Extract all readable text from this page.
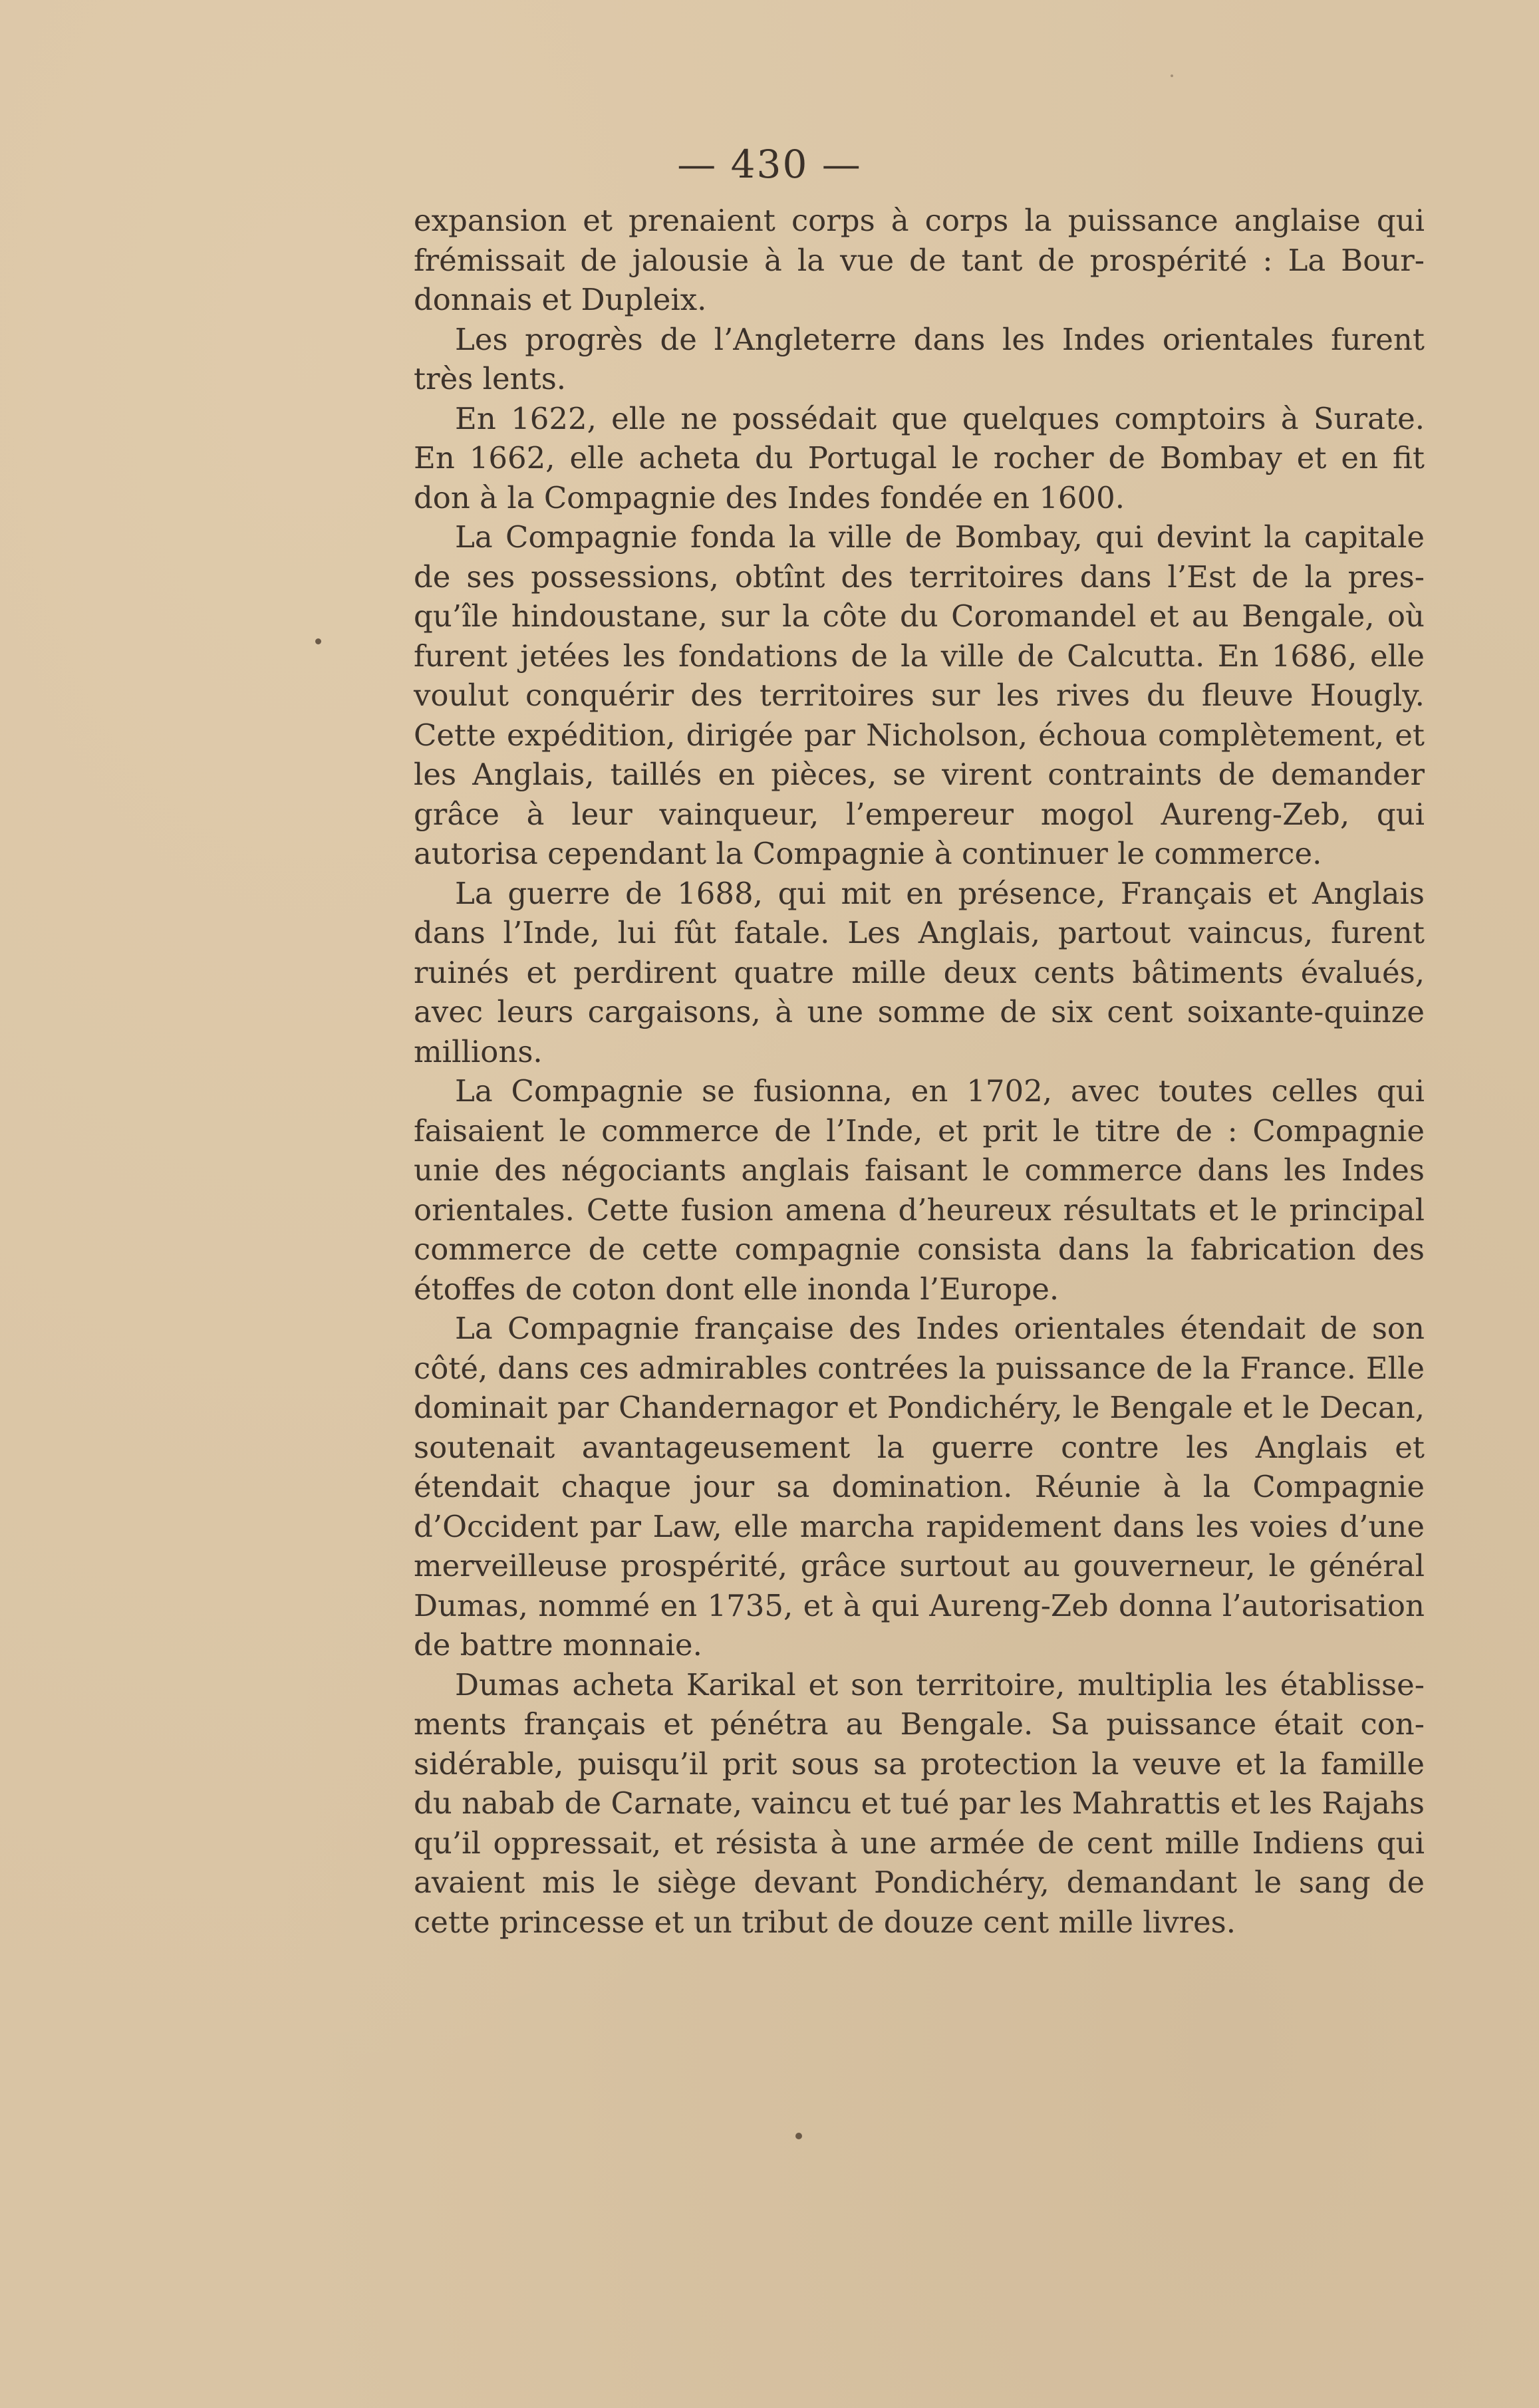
— 430 —

expansion et prenaient corps à corps la puissance anglaise qui frémissait de jalousie à la vue de tant de prospérité : La Bourdonnais et Dupleix.

Les progrès de l’Angleterre dans les Indes orientales furent très lents.

En 1622, elle ne possédait que quelques comptoirs à Surate. En 1662, elle acheta du Portugal le rocher de Bombay et en fit don à la Compagnie des Indes fondée en 1600.

La Compagnie fonda la ville de Bombay, qui devint la capitale de ses possessions, obtînt des territoires dans l’Est de la presqu’île hindoustane, sur la côte du Coromandel et au Bengale, où furent jetées les fondations de la ville de Calcutta. En 1686, elle voulut conquérir des territoires sur les rives du fleuve Hougly. Cette expédition, dirigée par Nicholson, échoua complètement, et les Anglais, taillés en pièces, se virent contraints de demander grâce à leur vainqueur, l’empereur mogol Aureng-Zeb, qui autorisa cependant la Compagnie à continuer le commerce.

La guerre de 1688, qui mit en présence, Français et Anglais dans l’Inde, lui fût fatale. Les Anglais, partout vaincus, furent ruinés et perdirent quatre mille deux cents bâtiments évalués, avec leurs cargaisons, à une somme de six cent soixante-quinze millions.

La Compagnie se fusionna, en 1702, avec toutes celles qui faisaient le commerce de l’Inde, et prit le titre de : Compagnie unie des négociants anglais faisant le commerce dans les Indes orientales. Cette fusion amena d’heureux résultats et le principal commerce de cette compagnie consista dans la fabrication des étoffes de coton dont elle inonda l’Europe.

La Compagnie française des Indes orientales étendait de son côté, dans ces admirables contrées la puissance de la France. Elle dominait par Chandernagor et Pondichéry, le Bengale et le Decan, soutenait avantageusement la guerre contre les Anglais et étendait chaque jour sa domination. Réunie à la Compagnie d’Occident par Law, elle marcha rapidement dans les voies d’une merveilleuse prospérité, grâce surtout au gouverneur, le général Dumas, nommé en 1735, et à qui Aureng-Zeb donna l’autorisation de battre monnaie.

Dumas acheta Karikal et son territoire, multiplia les établissements français et pénétra au Bengale. Sa puissance était considérable, puisqu’il prit sous sa protection la veuve et la famille du nabab de Carnate, vaincu et tué par les Mahrattis et les Rajahs qu’il oppressait, et résista à une armée de cent mille Indiens qui avaient mis le siège devant Pondichéry, demandant le sang de cette princesse et un tribut de douze cent mille livres.
